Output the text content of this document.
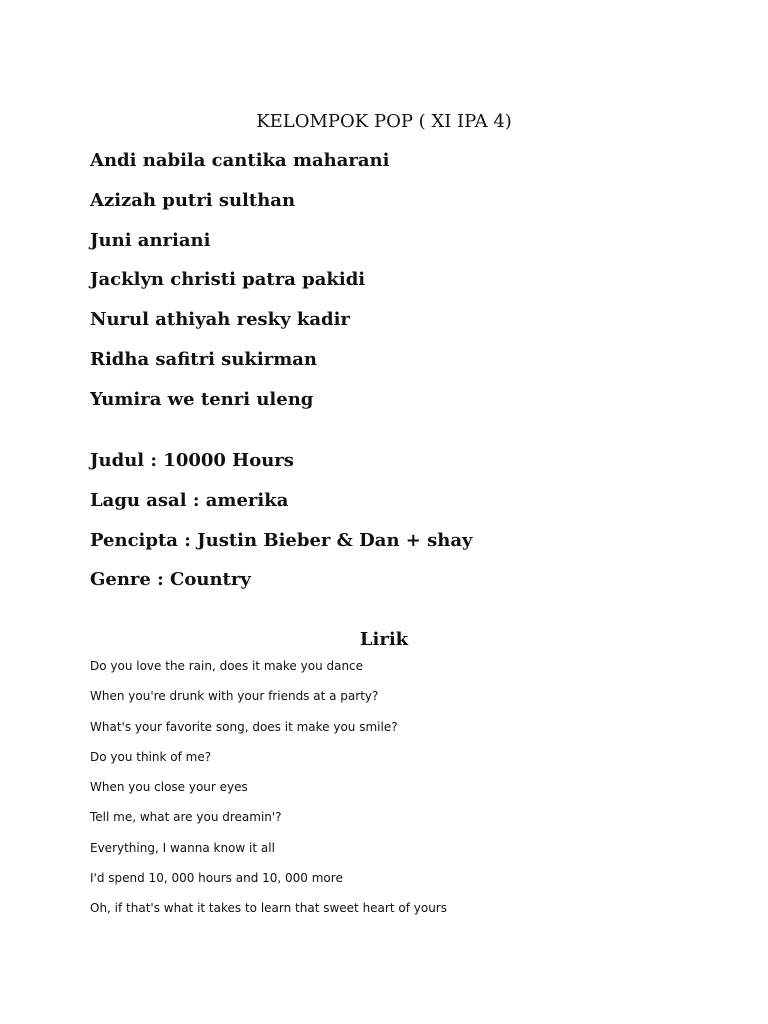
KELOMPOK POP ( XI IPA 4)
Andi nabila cantika maharani
Azizah putri sulthan
Juni anriani
Jacklyn christi patra pakidi
Nurul athiyah resky kadir
Ridha safitri sukirman
Yumira we tenri uleng
Judul : 10000 Hours
Lagu asal : amerika
Pencipta : Justin Bieber & Dan + shay
Genre : Country
Lirik
Do you love the rain, does it make you dance
When you're drunk with your friends at a party?
What's your favorite song, does it make you smile?
Do you think of me?
When you close your eyes
Tell me, what are you dreamin'?
Everything, I wanna know it all
I'd spend 10, 000 hours and 10, 000 more
Oh, if that's what it takes to learn that sweet heart of yours
